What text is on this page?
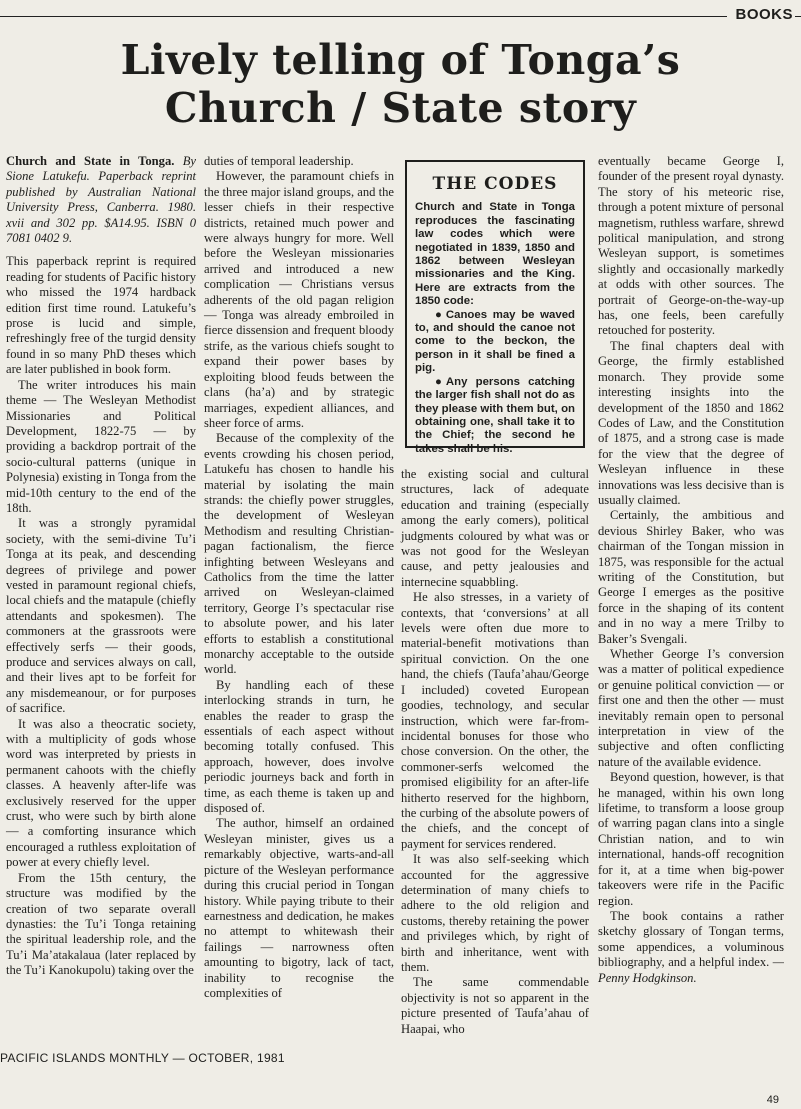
BOOKS
Lively telling of Tonga’s
Church / State story

Church and State in Tonga. By Sione Latukefu. Paperback reprint published by Australian National University Press, Canberra. 1980. xvii and 302 pp. $A14.95. ISBN 0 7081 0402 9.

This paperback reprint is required reading for students of Pacific history who missed the 1974 hardback edition first time round. Latukefu’s prose is lucid and simple, refreshingly free of the turgid density found in so many PhD theses which are later published in book form.

The writer introduces his main theme — The Wesleyan Methodist Missionaries and Political Development, 1822-75 — by providing a backdrop portrait of the socio-cultural patterns (unique in Polynesia) existing in Tonga from the mid-10th century to the end of the 18th.

It was a strongly pyramidal society, with the semi-divine Tu’i Tonga at its peak, and descending degrees of privilege and power vested in paramount regional chiefs, local chiefs and the matapule (chiefly attendants and spokesmen). The commoners at the grassroots were effectively serfs — their goods, produce and services always on call, and their lives apt to be forfeit for any misdemeanour, or for purposes of sacrifice.

It was also a theocratic society, with a multiplicity of gods whose word was interpreted by priests in permanent cahoots with the chiefly classes. A heavenly after-life was exclusively reserved for the upper crust, who were such by birth alone — a comforting insurance which encouraged a ruthless exploitation of power at every chiefly level.

From the 15th century, the structure was modified by the creation of two separate overall dynasties: the Tu’i Tonga retaining the spiritual leadership role, and the Tu’i Ma’atakalaua (later replaced by the Tu’i Kanokupolu) taking over the

duties of temporal leadership.

However, the paramount chiefs in the three major island groups, and the lesser chiefs in their respective districts, retained much power and were always hungry for more. Well before the Wesleyan missionaries arrived and introduced a new complication — Christians versus adherents of the old pagan religion — Tonga was already embroiled in fierce dissension and frequent bloody strife, as the various chiefs sought to expand their power bases by exploiting blood feuds between the clans (ha’a) and by strategic marriages, expedient alliances, and sheer force of arms.

Because of the complexity of the events crowding his chosen period, Latukefu has chosen to handle his material by isolating the main strands: the chiefly power struggles, the development of Wesleyan Methodism and resulting Christian-pagan factionalism, the fierce infighting between Wesleyans and Catholics from the time the latter arrived on Wesleyan-claimed territory, George I’s spectacular rise to absolute power, and his later efforts to establish a constitutional monarchy acceptable to the outside world.

By handling each of these interlocking strands in turn, he enables the reader to grasp the essentials of each aspect without becoming totally confused. This approach, however, does involve periodic journeys back and forth in time, as each theme is taken up and disposed of.

The author, himself an ordained Wesleyan minister, gives us a remarkably objective, warts-and-all picture of the Wesleyan performance during this crucial period in Tongan history. While paying tribute to their earnestness and dedication, he makes no attempt to whitewash their failings — narrowness often amounting to bigotry, lack of tact, inability to recognise the complexities of

THE CODES

Church and State in Tonga reproduces the fascinating law codes which were negotiated in 1839, 1850 and 1862 between Wesleyan missionaries and the King. Here are extracts from the 1850 code:

● Canoes may be waved to, and should the canoe not come to the beckon, the person in it shall be fined a pig.

● Any persons catching the larger fish shall not do as they please with them but, on obtaining one, shall take it to the Chief; the second he takes shall be his.

the existing social and cultural structures, lack of adequate education and training (especially among the early comers), political judgments coloured by what was or was not good for the Wesleyan cause, and petty jealousies and internecine squabbling.

He also stresses, in a variety of contexts, that ‘conversions’ at all levels were often due more to material-benefit motivations than spiritual conviction. On the one hand, the chiefs (Taufa’ahau/George I included) coveted European goodies, technology, and secular instruction, which were far-from-incidental bonuses for those who chose conversion. On the other, the commoner-serfs welcomed the promised eligibility for an after-life hitherto reserved for the highborn, the curbing of the absolute powers of the chiefs, and the concept of payment for services rendered.

It was also self-seeking which accounted for the aggressive determination of many chiefs to adhere to the old religion and customs, thereby retaining the power and privileges which, by right of birth and inheritance, went with them.

The same commendable objectivity is not so apparent in the picture presented of Taufa’ahau of Haapai, who

eventually became George I, founder of the present royal dynasty. The story of his meteoric rise, through a potent mixture of personal magnetism, ruthless warfare, shrewd political manipulation, and strong Wesleyan support, is sometimes slightly and occasionally markedly at odds with other sources. The portrait of George-on-the-way-up has, one feels, been carefully retouched for posterity.

The final chapters deal with George, the firmly established monarch. They provide some interesting insights into the development of the 1850 and 1862 Codes of Law, and the Constitution of 1875, and a strong case is made for the view that the degree of Wesleyan influence in these innovations was less decisive than is usually claimed.

Certainly, the ambitious and devious Shirley Baker, who was chairman of the Tongan mission in 1875, was responsible for the actual writing of the Constitution, but George I emerges as the positive force in the shaping of its content and in no way a mere Trilby to Baker’s Svengali.

Whether George I’s conversion was a matter of political expedience or genuine political conviction — or first one and then the other — must inevitably remain open to personal interpretation in view of the subjective and often conflicting nature of the available evidence.

Beyond question, however, is that he managed, within his own long lifetime, to transform a loose group of warring pagan clans into a single Christian nation, and to win international, hands-off recognition for it, at a time when big-power takeovers were rife in the Pacific region.

The book contains a rather sketchy glossary of Tongan terms, some appendices, a voluminous bibliography, and a helpful index. — Penny Hodgkinson.

PACIFIC ISLANDS MONTHLY — OCTOBER, 1981
49
